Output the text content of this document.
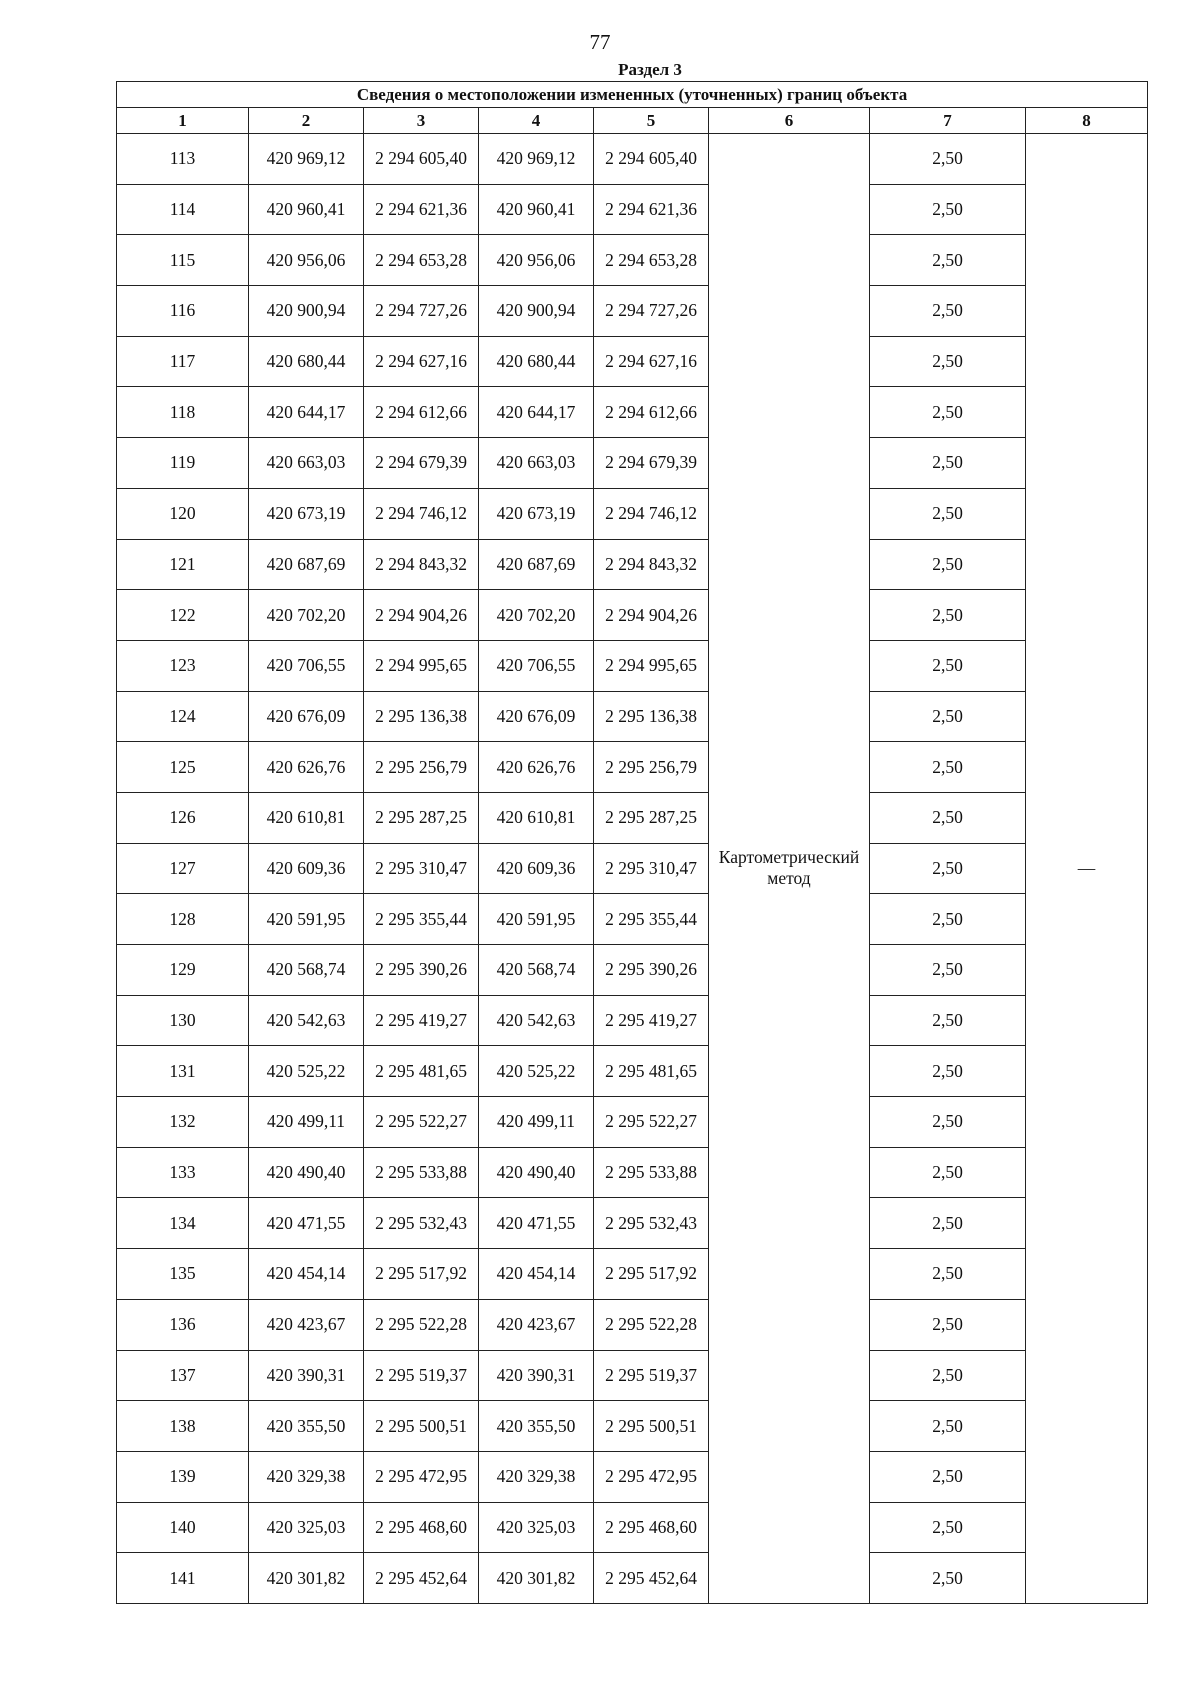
77
Раздел 3
Сведения о местоположении измененных (уточненных) границ объекта							
1	2	3	4	5	6	7	8
113	420 969,12	2 294 605,40	420 969,12	2 294 605,40	Картометрический метод	2,50	—
114	420 960,41	2 294 621,36	420 960,41	2 294 621,36		2,50	
115	420 956,06	2 294 653,28	420 956,06	2 294 653,28		2,50	
116	420 900,94	2 294 727,26	420 900,94	2 294 727,26		2,50	
117	420 680,44	2 294 627,16	420 680,44	2 294 627,16		2,50	
118	420 644,17	2 294 612,66	420 644,17	2 294 612,66		2,50	
119	420 663,03	2 294 679,39	420 663,03	2 294 679,39		2,50	
120	420 673,19	2 294 746,12	420 673,19	2 294 746,12		2,50	
121	420 687,69	2 294 843,32	420 687,69	2 294 843,32		2,50	
122	420 702,20	2 294 904,26	420 702,20	2 294 904,26		2,50	
123	420 706,55	2 294 995,65	420 706,55	2 294 995,65		2,50	
124	420 676,09	2 295 136,38	420 676,09	2 295 136,38		2,50	
125	420 626,76	2 295 256,79	420 626,76	2 295 256,79		2,50	
126	420 610,81	2 295 287,25	420 610,81	2 295 287,25		2,50	
127	420 609,36	2 295 310,47	420 609,36	2 295 310,47		2,50	
128	420 591,95	2 295 355,44	420 591,95	2 295 355,44		2,50	
129	420 568,74	2 295 390,26	420 568,74	2 295 390,26		2,50	
130	420 542,63	2 295 419,27	420 542,63	2 295 419,27		2,50	
131	420 525,22	2 295 481,65	420 525,22	2 295 481,65		2,50	
132	420 499,11	2 295 522,27	420 499,11	2 295 522,27		2,50	
133	420 490,40	2 295 533,88	420 490,40	2 295 533,88		2,50	
134	420 471,55	2 295 532,43	420 471,55	2 295 532,43		2,50	
135	420 454,14	2 295 517,92	420 454,14	2 295 517,92		2,50	
136	420 423,67	2 295 522,28	420 423,67	2 295 522,28		2,50	
137	420 390,31	2 295 519,37	420 390,31	2 295 519,37		2,50	
138	420 355,50	2 295 500,51	420 355,50	2 295 500,51		2,50	
139	420 329,38	2 295 472,95	420 329,38	2 295 472,95		2,50	
140	420 325,03	2 295 468,60	420 325,03	2 295 468,60		2,50	
141	420 301,82	2 295 452,64	420 301,82	2 295 452,64		2,50	
